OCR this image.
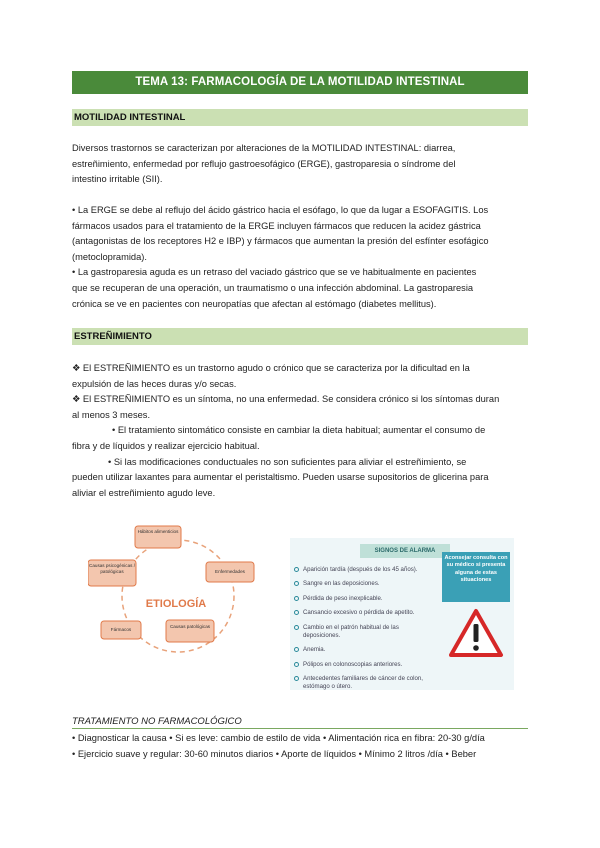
TEMA 13: FARMACOLOGÍA DE LA MOTILIDAD INTESTINAL
MOTILIDAD INTESTINAL

Diversos trastornos se caracterizan por alteraciones de la MOTILIDAD INTESTINAL: diarrea,

estreñimiento, enfermedad por reflujo gastroesofágico (ERGE), gastroparesia o síndrome del

intestino irritable (SII).

• La ERGE se debe al reflujo del ácido gástrico hacia el esófago, lo que da lugar a ESOFAGITIS. Los

fármacos usados para el tratamiento de la ERGE incluyen fármacos que reducen la acidez gástrica

(antagonistas de los receptores H2 e IBP) y fármacos que aumentan la presión del esfínter esofágico

(metoclopramida).

• La gastroparesia aguda es un retraso del vaciado gástrico que se ve habitualmente en pacientes

que se recuperan de una operación, un traumatismo o una infección abdominal. La gastroparesia

crónica se ve en pacientes con neuropatías que afectan al estómago (diabetes mellitus).

ESTREÑIMIENTO

❖ El ESTREÑIMIENTO es un trastorno agudo o crónico que se caracteriza por la dificultad en la

expulsión de las heces duras y/o secas.

❖ El ESTREÑIMIENTO es un síntoma, no una enfermedad. Se considera crónico si los síntomas duran

al menos 3 meses.

• El tratamiento sintomático consiste en cambiar la dieta habitual; aumentar el consumo de

fibra y de líquidos y realizar ejercicio habitual.

• Si las modificaciones conductuales no son suficientes para aliviar el estreñimiento, se

pueden utilizar laxantes para aumentar el peristaltismo. Pueden usarse supositorios de glicerina para

aliviar el estreñimiento agudo leve.

ETIOLOGÍA
Hábitos alimenticios
Enfermedades
Causas patológicas
Fármacos
Causas psicogénicas / patológicas
SIGNOS DE ALARMA
Aparición tardía (después de los 45 años).
Sangre en las deposiciones.
Pérdida de peso inexplicable.
Cansancio excesivo o pérdida de apetito.
Cambio en el patrón habitual de las deposiciones.
Anemia.
Pólipos en colonoscopias anteriores.
Antecedentes familiares de cáncer de colon, estómago o útero.
Aconsejar consulta con su médico si presenta alguna de estas situaciones
TRATAMIENTO NO FARMACOLÓGICO

• Diagnosticar la causa • Si es leve: cambio de estilo de vida • Alimentación rica en fibra: 20-30 g/día

• Ejercicio suave y regular: 30-60 minutos diarios • Aporte de líquidos • Mínimo 2 litros /día • Beber
